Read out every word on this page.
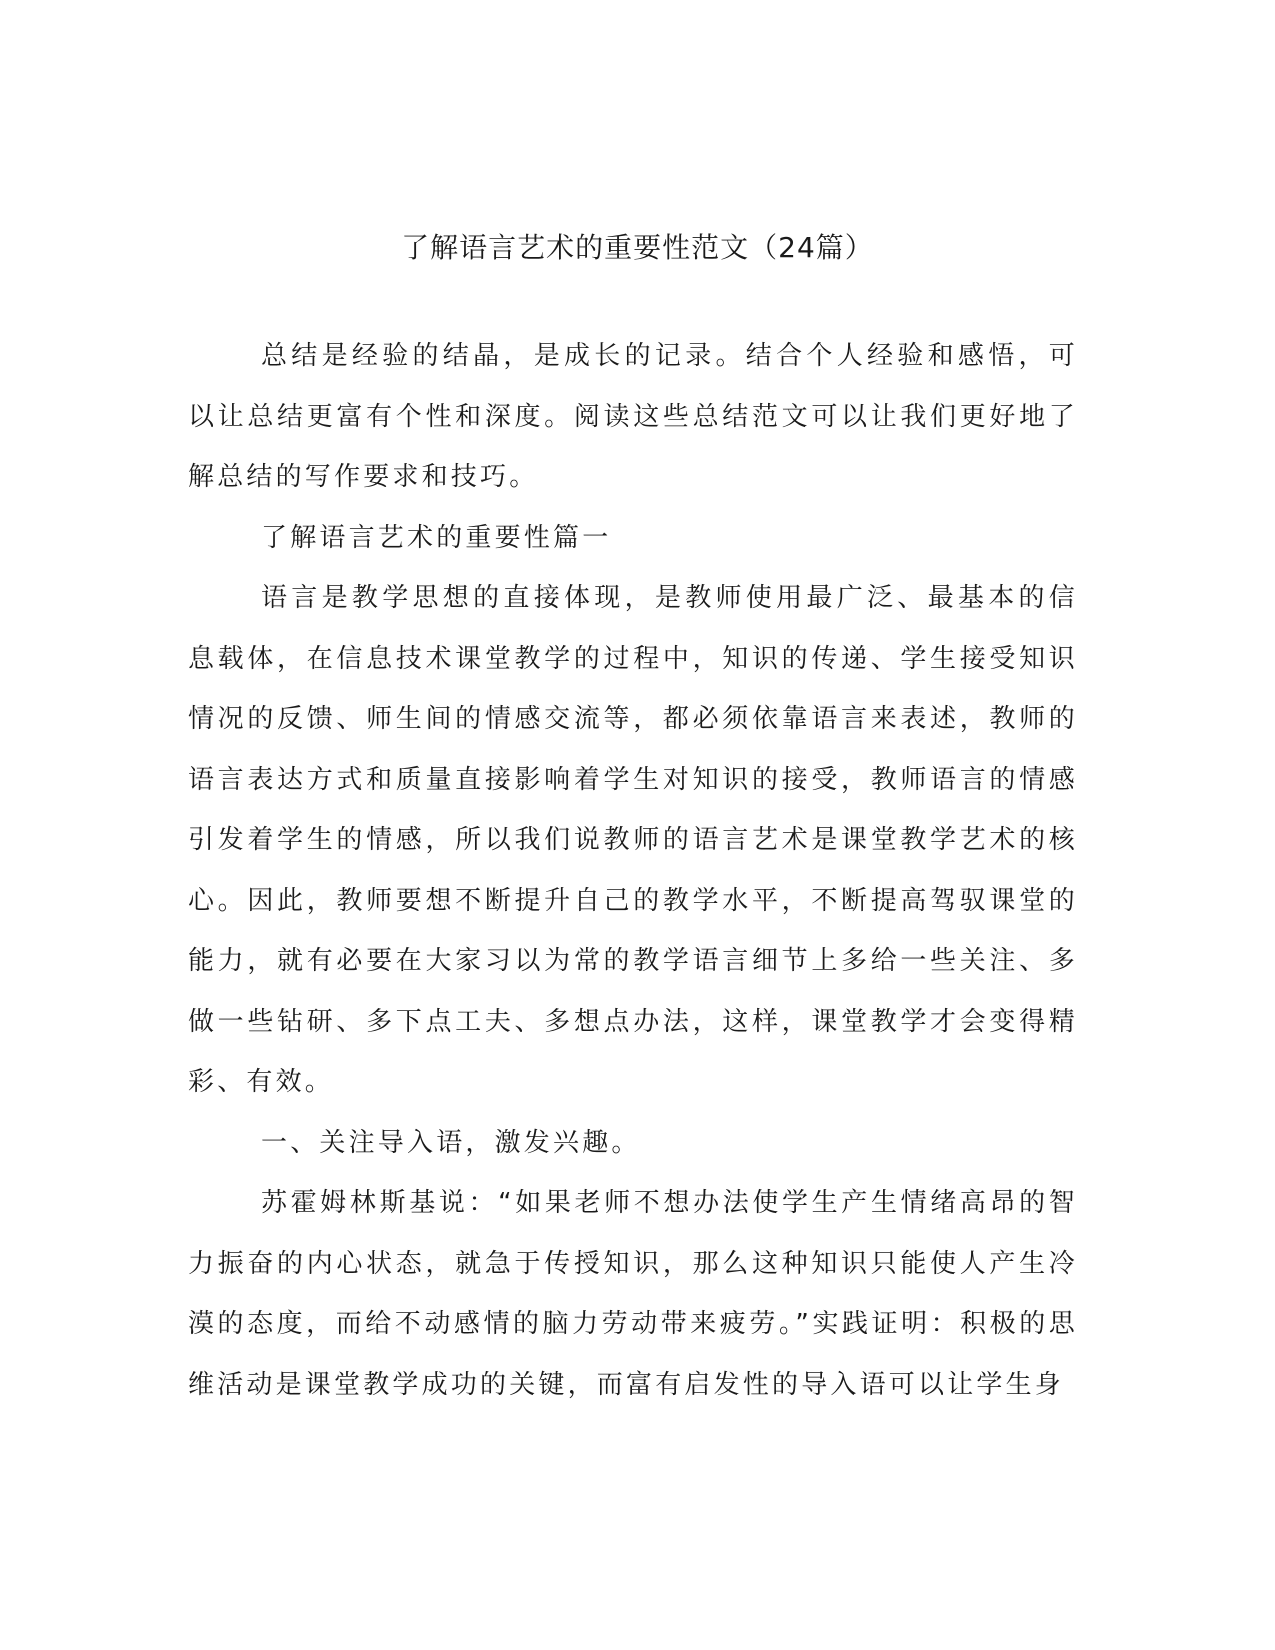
了解语言艺术的重要性范文（24篇）

总结是经验的结晶，是成长的记录。结合个人经验和感悟，可以让总结更富有个性和深度。阅读这些总结范文可以让我们更好地了解总结的写作要求和技巧。

了解语言艺术的重要性篇一

语言是教学思想的直接体现，是教师使用最广泛、最基本的信息载体，在信息技术课堂教学的过程中，知识的传递、学生接受知识情况的反馈、师生间的情感交流等，都必须依靠语言来表述，教师的语言表达方式和质量直接影响着学生对知识的接受，教师语言的情感引发着学生的情感，所以我们说教师的语言艺术是课堂教学艺术的核心。因此，教师要想不断提升自己的教学水平，不断提高驾驭课堂的能力，就有必要在大家习以为常的教学语言细节上多给一些关注、多做一些钻研、多下点工夫、多想点办法，这样，课堂教学才会变得精彩、有效。

一、关注导入语，激发兴趣。

苏霍姆林斯基说：“如果老师不想办法使学生产生情绪高昂的智力振奋的内心状态，就急于传授知识，那么这种知识只能使人产生冷漠的态度，而给不动感情的脑力劳动带来疲劳。”实践证明：积极的思维活动是课堂教学成功的关键，而富有启发性的导入语可以让学生身
